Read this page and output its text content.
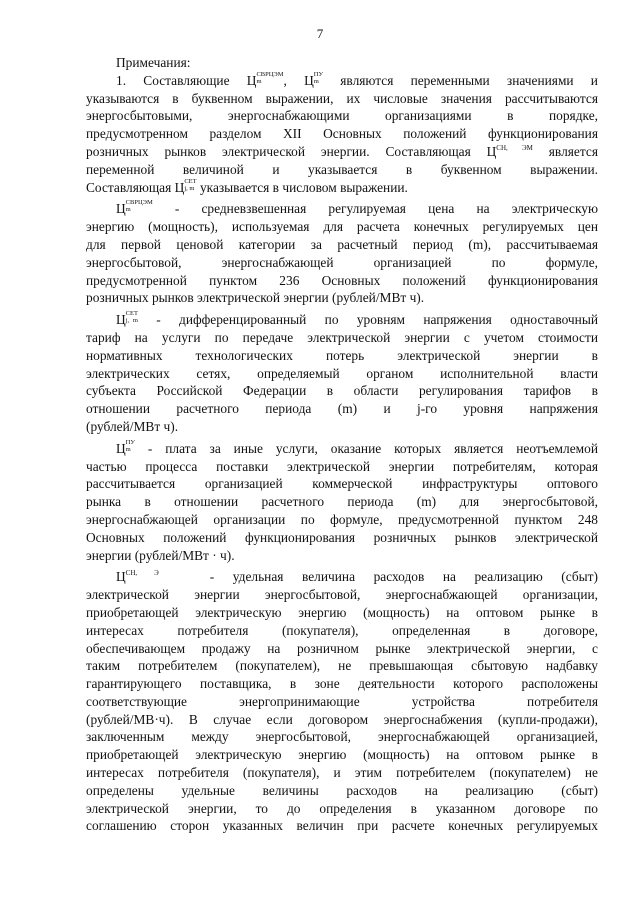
7
Примечания:
1. Составляющие Ц СВРЦЭМ
m	, Ц ПУ
m	являются переменными значениями и
указываются в буквенном выражении, их числовые значения рассчитываются
энергосбытовыми, энергоснабжающими организациями в порядке,
предусмотренном разделом XII Основных положений функционирования
розничных рынков электрической энергии. Составляющая $Ц^{СН, ЭМ}$ является
переменной величиной и указывается в буквенном выражении.
Составляющая Ц СЕТ
j, m указывается в числовом выражении.
Ц СВРЦЭМ
m	- средневзвешенная регулируемая цена на электрическую
энергию (мощность), используемая для расчета конечных регулируемых цен
для первой ценовой категории за расчетный период (m), рассчитываемая
энергосбытовой, энергоснабжающей организацией по формуле,
предусмотренной пунктом 236 Основных положений функционирования
розничных рынков электрической энергии (рублей/МВт ч).
Ц СЕТ
j, m - дифференцированный по уровням напряжения одноставочный
тариф на услуги по передаче электрической энергии с учетом стоимости
нормативных технологических потерь электрической энергии в
электрических сетях, определяемый органом исполнительной власти
субъекта Российской Федерации в области регулирования тарифов в
отношении расчетного периода (m) и j-го уровня напряжения
(рублей/МВт ч).
Ц ПУ
m	- плата за иные услуги, оказание которых является неотъемлемой
частью процесса поставки электрической энергии потребителям, которая
рассчитывается организацией коммерческой инфраструктуры оптового
рынка в отношении расчетного периода (m) для энергосбытовой,
энергоснабжающей организации по формуле, предусмотренной пунктом 248
Основных положений функционирования розничных рынков электрической
энергии (рублей/МВт · ч).
$Ц^{СН, Э}$	- удельная величина расходов на реализацию (сбыт)
электрической энергии энергосбытовой, энергоснабжающей организации,
приобретающей электрическую энергию (мощность) на оптовом рынке в
интересах потребителя (покупателя), определенная в договоре,
обеспечивающем продажу на розничном рынке электрической энергии, с
таким потребителем (покупателем), не превышающая сбытовую надбавку
гарантирующего поставщика, в зоне деятельности которого расположены
соответствующие энергопринимающие устройства потребителя
(рублей/МВ·ч). В случае если договором энергоснабжения (купли-продажи),
заключенным между энергосбытовой, энергоснабжающей организацией,
приобретающей электрическую энергию (мощность) на оптовом рынке в
интересах потребителя (покупателя), и этим потребителем (покупателем) не
определены удельные величины расходов на реализацию (сбыт)
электрической энергии, то до определения в указанном договоре по
соглашению сторон указанных величин при расчете конечных регулируемых
